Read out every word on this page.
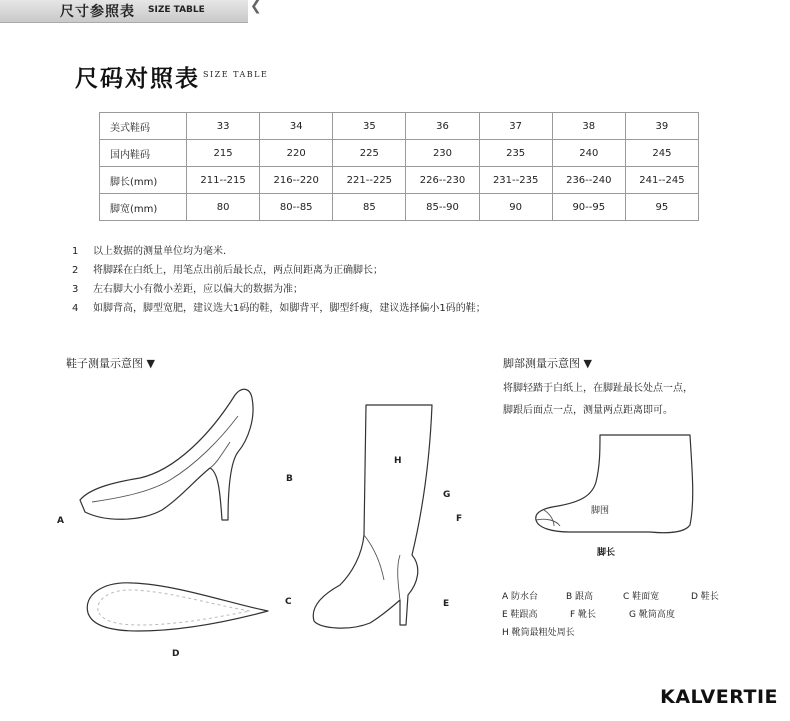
尺寸参照表 SIZE TABLE	❮
尺码对照表 SIZE TABLE
美式鞋码	33	34	35	36	37	38	39
国内鞋码	215	220	225	230	235	240	245
脚长(mm)	211--215	216--220	221--225	226--230	231--235	236--240	241--245
脚宽(mm)	80	80--85	85	85--90	90	90--95	95
1 以上数据的测量单位均为毫米.
2 将脚踩在白纸上，用笔点出前后最长点，两点间距离为正确脚长；
3 左右脚大小有微小差距，应以偏大的数据为准；
4 如脚背高，脚型宽肥，建议选大1码的鞋，如脚背平，脚型纤瘦，建议选择偏小1码的鞋；
鞋子测量示意图 ▼
A
B
C
D
H
G
F
E
脚部测量示意图 ▼
将脚轻踏于白纸上，在脚趾最长处点一点，
脚跟后面点一点，测量两点距离即可。
脚围
脚长
A 防水台	B 跟高	C 鞋面宽	D 鞋长
E 鞋跟高	F 靴长	G 靴筒高度
H 靴筒最粗处周长
KALVERTIE
